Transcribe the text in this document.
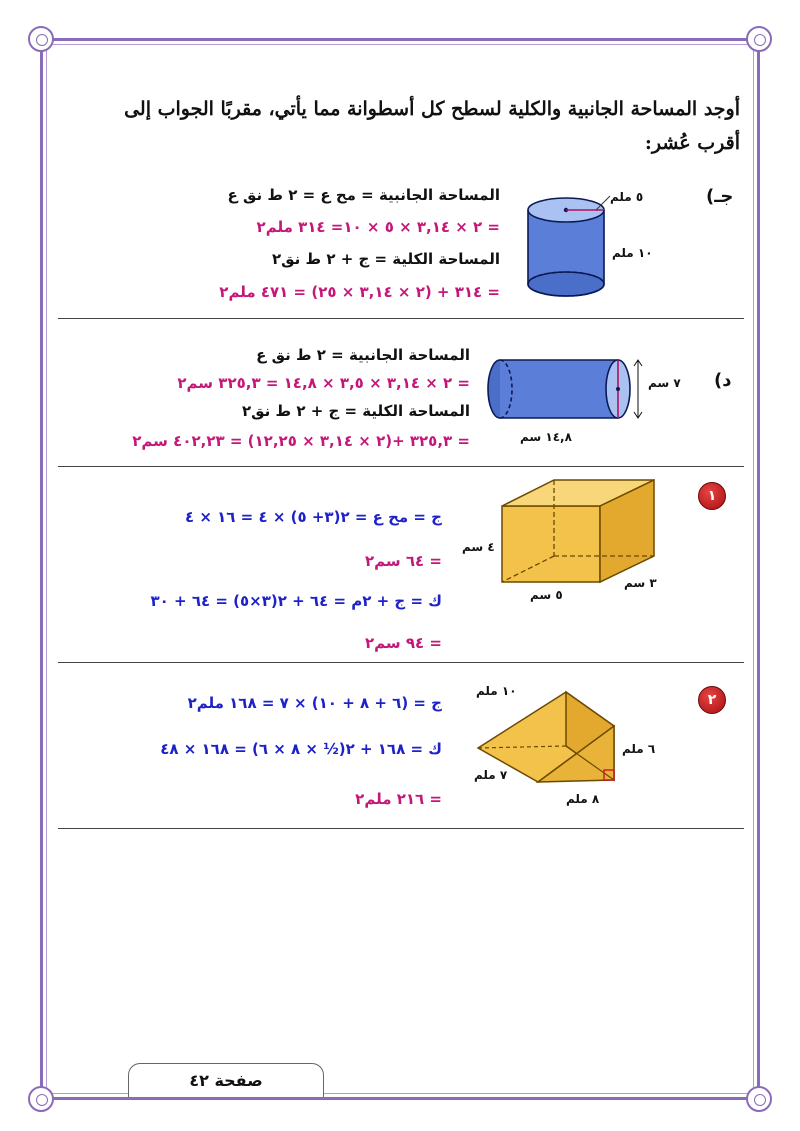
أوجد المساحة الجانبية والكلية لسطح كل أسطوانة مما يأتي، مقربًا الجواب إلى أقرب عُشر:
جـ)
٥ ملم
١٠ ملم
المساحة الجانبية = مح ع = ٢ ط نق ع
= ٢ × ٣,١٤ × ٥ × ١٠= ٣١٤ ملم٢
المساحة الكلية = ج + ٢ ط نق٢
= ٣١٤ + (٢ × ٣,١٤ × ٢٥) = ٤٧١ ملم٢
د)
٧ سم
١٤,٨ سم
المساحة الجانبية = ٢ ط نق ع
= ٢ × ٣,١٤ × ٣,٥ × ١٤,٨ = ٣٢٥,٣ سم٢
المساحة الكلية = ج + ٢ ط نق٢
= ٣٢٥,٣ +(٢ × ٣,١٤ × ١٢,٢٥) = ٤٠٢,٢٣ سم٢
١
٤ سم
٥ سم
٣ سم
ج = مح ع = ٢(٣+ ٥) × ٤ = ١٦ × ٤
= ٦٤ سم٢
ك = ج + ٢م = ٦٤ + ٢(٣×٥) = ٦٤ + ٣٠
= ٩٤ سم٢
٢
١٠ ملم
٦ ملم
٧ ملم
٨ ملم
ج = (٦ + ٨ + ١٠) × ٧ = ١٦٨ ملم٢
ك = ١٦٨ + ٢(½ × ٨ × ٦) = ١٦٨ × ٤٨
= ٢١٦ ملم٢
صفحة ٤٢
